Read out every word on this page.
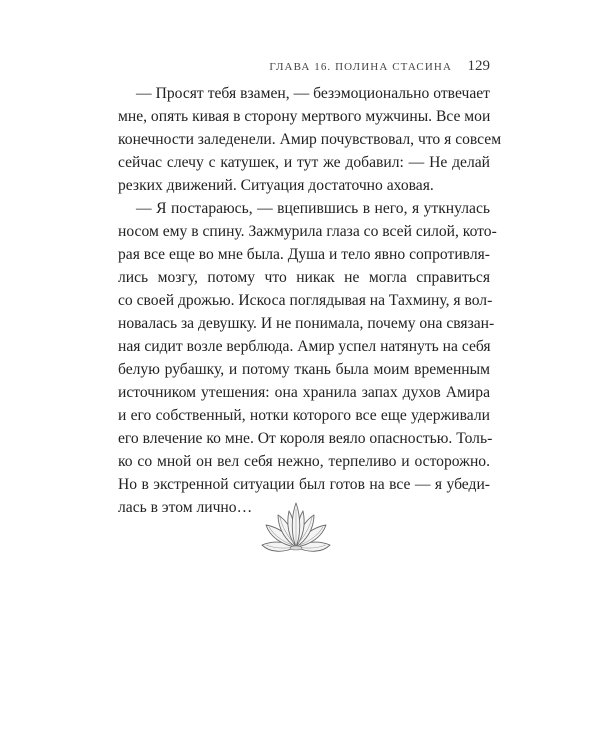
ГЛАВА 16. ПОЛИНА СТАСИНА 129

— Просят тебя взамен, — безэмоционально отвечает
мне, опять кивая в сторону мертвого мужчины. Все мои
конечности заледенели. Амир почувствовал, что я совсем
сейчас слечу с катушек, и тут же добавил: — Не делай
резких движений. Ситуация достаточно аховая.

— Я постараюсь, — вцепившись в него, я уткнулась
носом ему в спину. Зажмурила глаза со всей силой, кото-
рая все еще во мне была. Душа и тело явно сопротивля-
лись мозгу, потому что никак не могла справиться
со своей дрожью. Искоса поглядывая на Тахмину, я вол-
новалась за девушку. И не понимала, почему она связан-
ная сидит возле верблюда. Амир успел натянуть на себя
белую рубашку, и потому ткань была моим временным
источником утешения: она хранила запах духов Амира
и его собственный, нотки которого все еще удерживали
его влечение ко мне. От короля веяло опасностью. Толь-
ко со мной он вел себя нежно, терпеливо и осторожно.
Но в экстренной ситуации был готов на все — я убеди-
лась в этом лично…
